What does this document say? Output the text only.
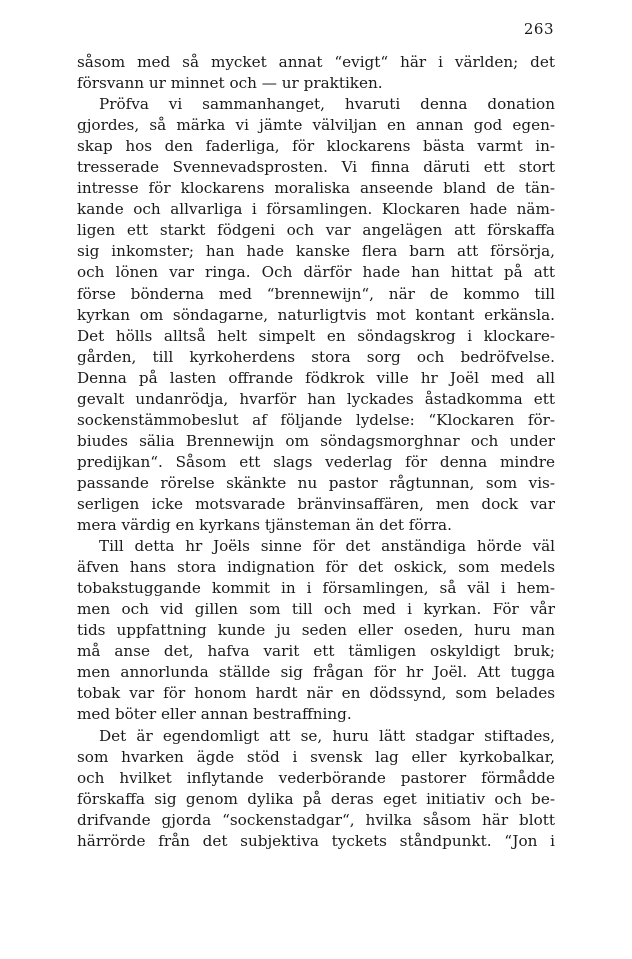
263
såsom med så mycket annat “evigt“ här i världen; det
försvann ur minnet och — ur praktiken.
Pröfva vi sammanhanget, hvaruti denna donation
gjordes, så märka vi jämte välviljan en annan god egen-
skap hos den faderliga, för klockarens bästa varmt in-
tresserade Svennevadsprosten. Vi finna däruti ett stort
intresse för klockarens moraliska anseende bland de tän-
kande och allvarliga i församlingen. Klockaren hade näm-
ligen ett starkt födgeni och var angelägen att förskaffa
sig inkomster; han hade kanske flera barn att försörja,
och lönen var ringa. Och därför hade han hittat på att
förse bönderna med “brennewijn“, när de kommo till
kyrkan om söndagarne, naturligtvis mot kontant erkänsla.
Det hölls alltså helt simpelt en söndagskrog i klockare-
gården, till kyrkoherdens stora sorg och bedröfvelse.
Denna på lasten offrande födkrok ville hr Joël med all
gevalt undanrödja, hvarför han lyckades åstadkomma ett
sockenstämmobeslut af följande lydelse: “Klockaren för-
biudes sälia Brennewijn om söndagsmorghnar och under
predijkan“. Såsom ett slags vederlag för denna mindre
passande rörelse skänkte nu pastor rågtunnan, som vis-
serligen icke motsvarade bränvinsaffären, men dock var
mera värdig en kyrkans tjänsteman än det förra.
Till detta hr Joëls sinne för det anständiga hörde väl
äfven hans stora indignation för det oskick, som medels
tobakstuggande kommit in i församlingen, så väl i hem-
men och vid gillen som till och med i kyrkan. För vår
tids uppfattning kunde ju seden eller oseden, huru man
må anse det, hafva varit ett tämligen oskyldigt bruk;
men annorlunda ställde sig frågan för hr Joël. Att tugga
tobak var för honom hardt när en dödssynd, som belades
med böter eller annan bestraffning.
Det är egendomligt att se, huru lätt stadgar stiftades,
som hvarken ägde stöd i svensk lag eller kyrkobalkar,
och hvilket inflytande vederbörande pastorer förmådde
förskaffa sig genom dylika på deras eget initiativ och be-
drifvande gjorda “sockenstadgar“, hvilka såsom här blott
härrörde från det subjektiva tyckets ståndpunkt. “Jon i
